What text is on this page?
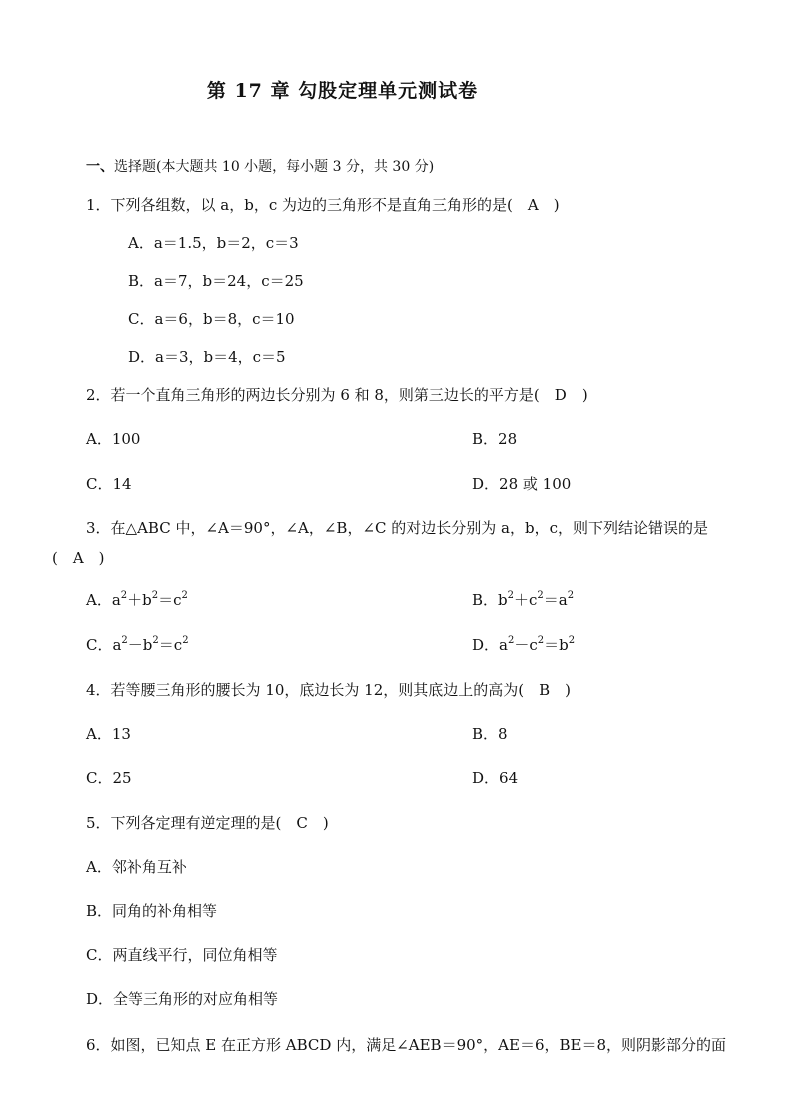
第 17 章 勾股定理单元测试卷
一、选择题(本大题共 10 小题，每小题 3 分，共 30 分)
1．下列各组数，以 a，b，c 为边的三角形不是直角三角形的是(　A　)
A．a＝1.5，b＝2，c＝3
B．a＝7，b＝24，c＝25
C．a＝6，b＝8，c＝10
D．a＝3，b＝4，c＝5
2．若一个直角三角形的两边长分别为 6 和 8，则第三边长的平方是(　D　)
A．100	B．28
C．14	D．28 或 100
3．在△ABC 中，∠A＝90°，∠A，∠B，∠C 的对边长分别为 a，b，c，则下列结论错误的是
(　A　)
A．$a^2+b^2=c^2$	B．$b^2+c^2=a^2$
C．$a^2-b^2=c^2$	D．$a^2-c^2=b^2$
4．若等腰三角形的腰长为 10，底边长为 12，则其底边上的高为(　B　)
A．13	B．8
C．25	D．64
5．下列各定理有逆定理的是(　C　)
A．邻补角互补
B．同角的补角相等
C．两直线平行，同位角相等
D．全等三角形的对应角相等
6．如图，已知点 E 在正方形 ABCD 内，满足∠AEB＝90°，AE＝6，BE＝8，则阴影部分的面
